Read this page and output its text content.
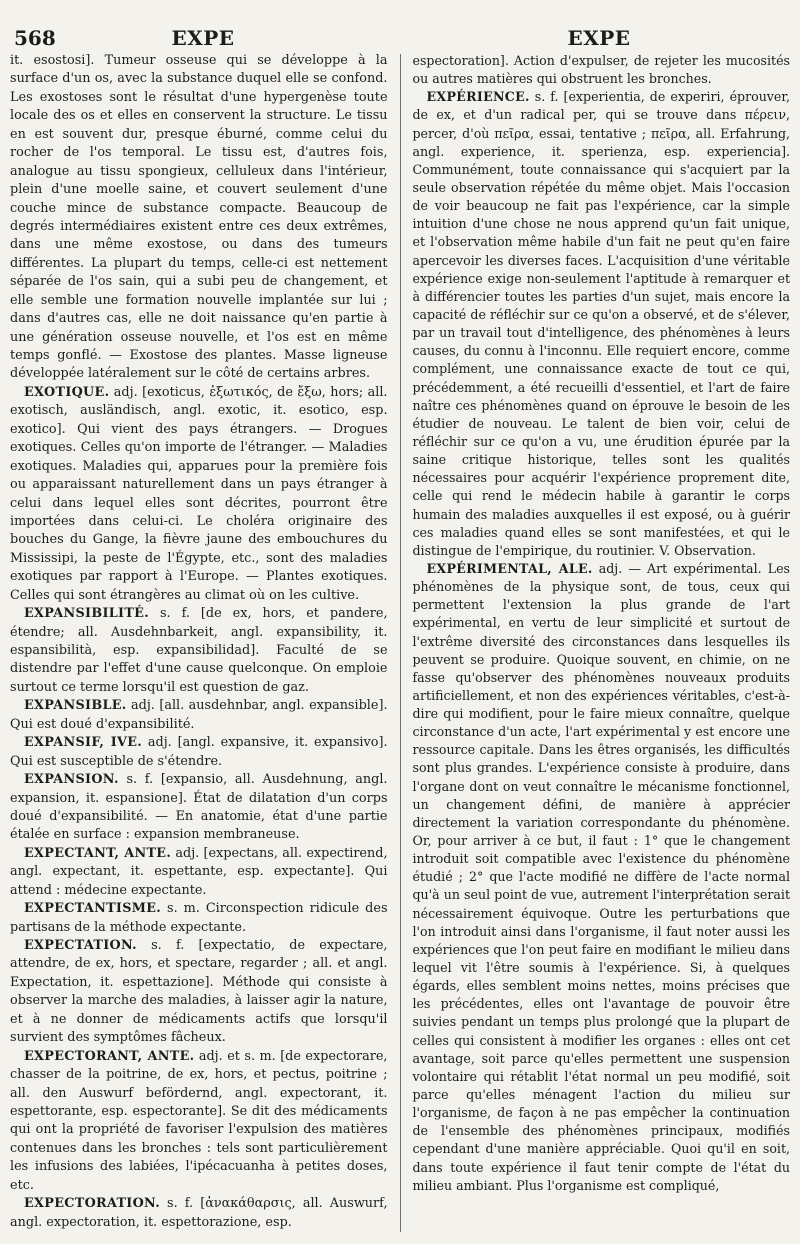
568	EXPE	EXPE

it. esostosi]. Tumeur osseuse qui se développe à la surface d'un os, avec la substance duquel elle se confond. Les exostoses sont le résultat d'une hypergenèse toute locale des os et elles en conservent la structure. Le tissu en est souvent dur, presque éburné, comme celui du rocher de l'os temporal. Le tissu est, d'autres fois, analogue au tissu spongieux, celluleux dans l'intérieur, plein d'une moelle saine, et couvert seulement d'une couche mince de substance compacte. Beaucoup de degrés intermédiaires existent entre ces deux extrêmes, dans une même exostose, ou dans des tumeurs différentes. La plupart du temps, celle-ci est nettement séparée de l'os sain, qui a subi peu de changement, et elle semble une formation nouvelle implantée sur lui ; dans d'autres cas, elle ne doit naissance qu'en partie à une génération osseuse nouvelle, et l'os est en même temps gonflé. — Exostose des plantes. Masse ligneuse développée latéralement sur le côté de certains arbres.

EXOTIQUE. adj. [exoticus, ἐξωτικός, de ἔξω, hors; all. exotisch, ausländisch, angl. exotic, it. esotico, esp. exotico]. Qui vient des pays étrangers. — Drogues exotiques. Celles qu'on importe de l'étranger. — Maladies exotiques. Maladies qui, apparues pour la première fois ou apparaissant naturellement dans un pays étranger à celui dans lequel elles sont décrites, pourront être importées dans celui-ci. Le choléra originaire des bouches du Gange, la fièvre jaune des embouchures du Mississipi, la peste de l'Égypte, etc., sont des maladies exotiques par rapport à l'Europe. — Plantes exotiques. Celles qui sont étrangères au climat où on les cultive.

EXPANSIBILITÉ. s. f. [de ex, hors, et pandere, étendre; all. Ausdehnbarkeit, angl. expansibility, it. espansibilità, esp. expansibilidad]. Faculté de se distendre par l'effet d'une cause quelconque. On emploie surtout ce terme lorsqu'il est question de gaz.

EXPANSIBLE. adj. [all. ausdehnbar, angl. expansible]. Qui est doué d'expansibilité.

EXPANSIF, IVE. adj. [angl. expansive, it. expansivo]. Qui est susceptible de s'étendre.

EXPANSION. s. f. [expansio, all. Ausdehnung, angl. expansion, it. espansione]. État de dilatation d'un corps doué d'expansibilité. — En anatomie, état d'une partie étalée en surface : expansion membraneuse.

EXPECTANT, ANTE. adj. [expectans, all. expectirend, angl. expectant, it. espettante, esp. expectante]. Qui attend : médecine expectante.

EXPECTANTISME. s. m. Circonspection ridicule des partisans de la méthode expectante.

EXPECTATION. s. f. [expectatio, de expectare, attendre, de ex, hors, et spectare, regarder ; all. et angl. Expectation, it. espettazione]. Méthode qui consiste à observer la marche des maladies, à laisser agir la nature, et à ne donner de médicaments actifs que lorsqu'il survient des symptômes fâcheux.

EXPECTORANT, ANTE. adj. et s. m. [de expectorare, chasser de la poitrine, de ex, hors, et pectus, poitrine ; all. den Auswurf befördernd, angl. expectorant, it. espettorante, esp. espectorante]. Se dit des médicaments qui ont la propriété de favoriser l'expulsion des matières contenues dans les bronches : tels sont particulièrement les infusions des labiées, l'ipécacuanha à petites doses, etc.

EXPECTORATION. s. f. [ἀνακάθαρσις, all. Auswurf, angl. expectoration, it. espettorazione, esp.

espectoration]. Action d'expulser, de rejeter les mucosités ou autres matières qui obstruent les bronches.

EXPÉRIENCE. s. f. [experientia, de experiri, éprouver, de ex, et d'un radical per, qui se trouve dans πέρειν, percer, d'où πεῖρα, essai, tentative ; πεῖρα, all. Erfahrung, angl. experience, it. sperienza, esp. experiencia]. Communément, toute connaissance qui s'acquiert par la seule observation répétée du même objet. Mais l'occasion de voir beaucoup ne fait pas l'expérience, car la simple intuition d'une chose ne nous apprend qu'un fait unique, et l'observation même habile d'un fait ne peut qu'en faire apercevoir les diverses faces. L'acquisition d'une véritable expérience exige non-seulement l'aptitude à remarquer et à différencier toutes les parties d'un sujet, mais encore la capacité de réfléchir sur ce qu'on a observé, et de s'élever, par un travail tout d'intelligence, des phénomènes à leurs causes, du connu à l'inconnu. Elle requiert encore, comme complément, une connaissance exacte de tout ce qui, précédemment, a été recueilli d'essentiel, et l'art de faire naître ces phénomènes quand on éprouve le besoin de les étudier de nouveau. Le talent de bien voir, celui de réfléchir sur ce qu'on a vu, une érudition épurée par la saine critique historique, telles sont les qualités nécessaires pour acquérir l'expérience proprement dite, celle qui rend le médecin habile à garantir le corps humain des maladies auxquelles il est exposé, ou à guérir ces maladies quand elles se sont manifestées, et qui le distingue de l'empirique, du routinier. V. Observation.

EXPÉRIMENTAL, ALE. adj. — Art expérimental. Les phénomènes de la physique sont, de tous, ceux qui permettent l'extension la plus grande de l'art expérimental, en vertu de leur simplicité et surtout de l'extrême diversité des circonstances dans lesquelles ils peuvent se produire. Quoique souvent, en chimie, on ne fasse qu'observer des phénomènes nouveaux produits artificiellement, et non des expériences véritables, c'est-à-dire qui modifient, pour le faire mieux connaître, quelque circonstance d'un acte, l'art expérimental y est encore une ressource capitale. Dans les êtres organisés, les difficultés sont plus grandes. L'expérience consiste à produire, dans l'organe dont on veut connaître le mécanisme fonctionnel, un changement défini, de manière à apprécier directement la variation correspondante du phénomène. Or, pour arriver à ce but, il faut : 1° que le changement introduit soit compatible avec l'existence du phénomène étudié ; 2° que l'acte modifié ne diffère de l'acte normal qu'à un seul point de vue, autrement l'interprétation serait nécessairement équivoque. Outre les perturbations que l'on introduit ainsi dans l'organisme, il faut noter aussi les expériences que l'on peut faire en modifiant le milieu dans lequel vit l'être soumis à l'expérience. Si, à quelques égards, elles semblent moins nettes, moins précises que les précédentes, elles ont l'avantage de pouvoir être suivies pendant un temps plus prolongé que la plupart de celles qui consistent à modifier les organes : elles ont cet avantage, soit parce qu'elles permettent une suspension volontaire qui rétablit l'état normal un peu modifié, soit parce qu'elles ménagent l'action du milieu sur l'organisme, de façon à ne pas empêcher la continuation de l'ensemble des phénomènes principaux, modifiés cependant d'une manière appréciable. Quoi qu'il en soit, dans toute expérience il faut tenir compte de l'état du milieu ambiant. Plus l'organisme est compliqué,
